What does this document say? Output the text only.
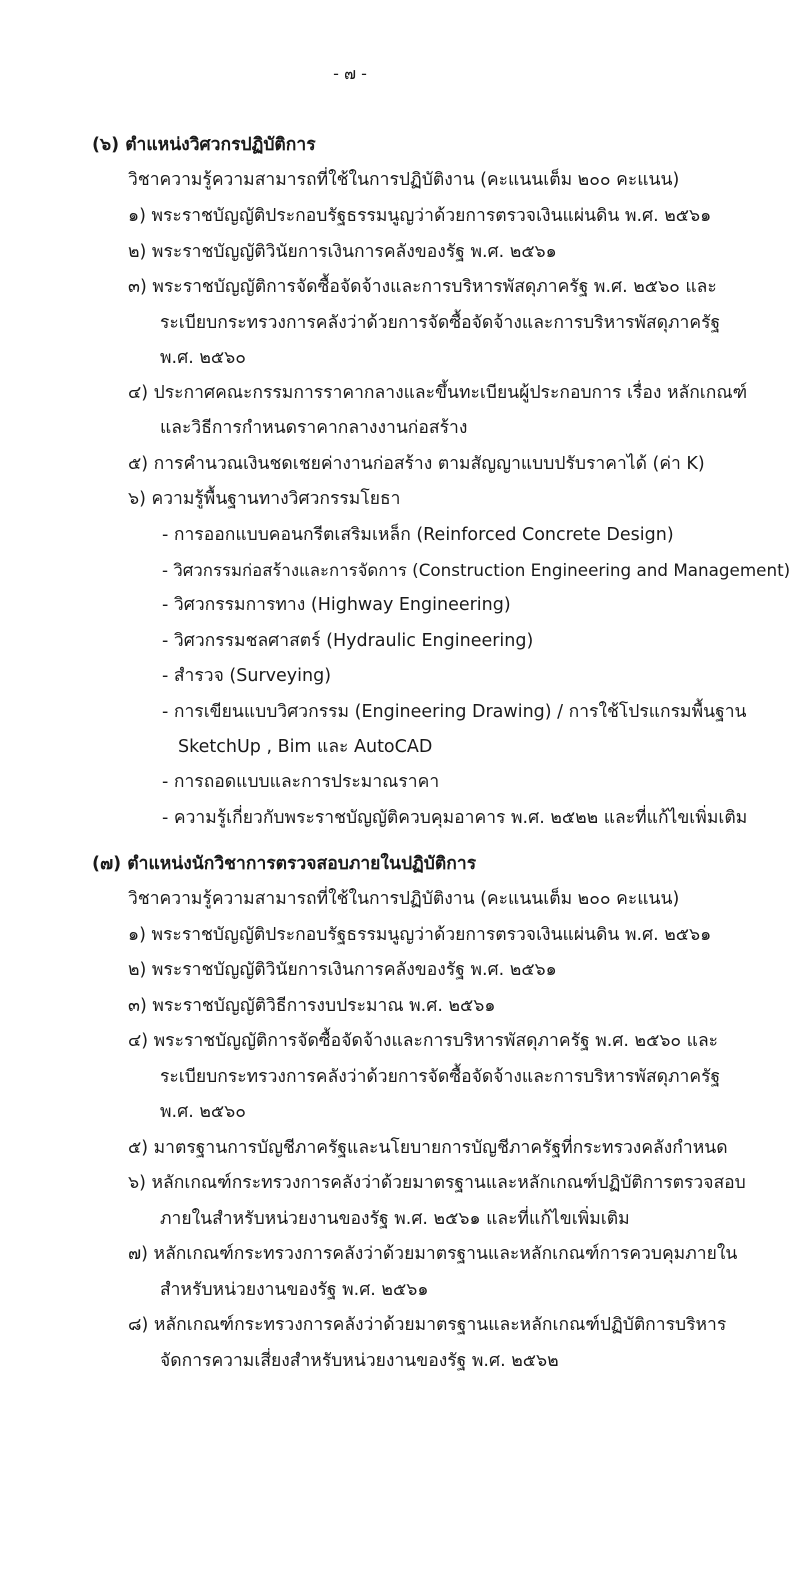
- ๗ -
(๖) ตำแหน่งวิศวกรปฏิบัติการ
วิชาความรู้ความสามารถที่ใช้ในการปฏิบัติงาน (คะแนนเต็ม ๒๐๐ คะแนน)
๑) พระราชบัญญัติประกอบรัฐธรรมนูญว่าด้วยการตรวจเงินแผ่นดิน พ.ศ. ๒๕๖๑
๒) พระราชบัญญัติวินัยการเงินการคลังของรัฐ พ.ศ. ๒๕๖๑
๓) พระราชบัญญัติการจัดซื้อจัดจ้างและการบริหารพัสดุภาครัฐ พ.ศ. ๒๕๖๐ และ
ระเบียบกระทรวงการคลังว่าด้วยการจัดซื้อจัดจ้างและการบริหารพัสดุภาครัฐ
พ.ศ. ๒๕๖๐
๔) ประกาศคณะกรรมการราคากลางและขึ้นทะเบียนผู้ประกอบการ เรื่อง หลักเกณฑ์
และวิธีการกำหนดราคากลางงานก่อสร้าง
๕) การคำนวณเงินชดเชยค่างานก่อสร้าง ตามสัญญาแบบปรับราคาได้ (ค่า K)
๖) ความรู้พื้นฐานทางวิศวกรรมโยธา
- การออกแบบคอนกรีตเสริมเหล็ก (Reinforced Concrete Design)
- วิศวกรรมก่อสร้างและการจัดการ (Construction Engineering and Management)
- วิศวกรรมการทาง (Highway Engineering)
- วิศวกรรมชลศาสตร์ (Hydraulic Engineering)
- สำรวจ (Surveying)
- การเขียนแบบวิศวกรรม (Engineering Drawing) / การใช้โปรแกรมพื้นฐาน
SketchUp , Bim และ AutoCAD
- การถอดแบบและการประมาณราคา
- ความรู้เกี่ยวกับพระราชบัญญัติควบคุมอาคาร พ.ศ. ๒๕๒๒ และที่แก้ไขเพิ่มเติม
(๗) ตำแหน่งนักวิชาการตรวจสอบภายในปฏิบัติการ
วิชาความรู้ความสามารถที่ใช้ในการปฏิบัติงาน (คะแนนเต็ม ๒๐๐ คะแนน)
๑) พระราชบัญญัติประกอบรัฐธรรมนูญว่าด้วยการตรวจเงินแผ่นดิน พ.ศ. ๒๕๖๑
๒) พระราชบัญญัติวินัยการเงินการคลังของรัฐ พ.ศ. ๒๕๖๑
๓) พระราชบัญญัติวิธีการงบประมาณ พ.ศ. ๒๕๖๑
๔) พระราชบัญญัติการจัดซื้อจัดจ้างและการบริหารพัสดุภาครัฐ พ.ศ. ๒๕๖๐ และ
ระเบียบกระทรวงการคลังว่าด้วยการจัดซื้อจัดจ้างและการบริหารพัสดุภาครัฐ
พ.ศ. ๒๕๖๐
๕) มาตรฐานการบัญชีภาครัฐและนโยบายการบัญชีภาครัฐที่กระทรวงคลังกำหนด
๖) หลักเกณฑ์กระทรวงการคลังว่าด้วยมาตรฐานและหลักเกณฑ์ปฏิบัติการตรวจสอบ
ภายในสำหรับหน่วยงานของรัฐ พ.ศ. ๒๕๖๑ และที่แก้ไขเพิ่มเติม
๗) หลักเกณฑ์กระทรวงการคลังว่าด้วยมาตรฐานและหลักเกณฑ์การควบคุมภายใน
สำหรับหน่วยงานของรัฐ พ.ศ. ๒๕๖๑
๘) หลักเกณฑ์กระทรวงการคลังว่าด้วยมาตรฐานและหลักเกณฑ์ปฏิบัติการบริหาร
จัดการความเสี่ยงสำหรับหน่วยงานของรัฐ พ.ศ. ๒๕๖๒
